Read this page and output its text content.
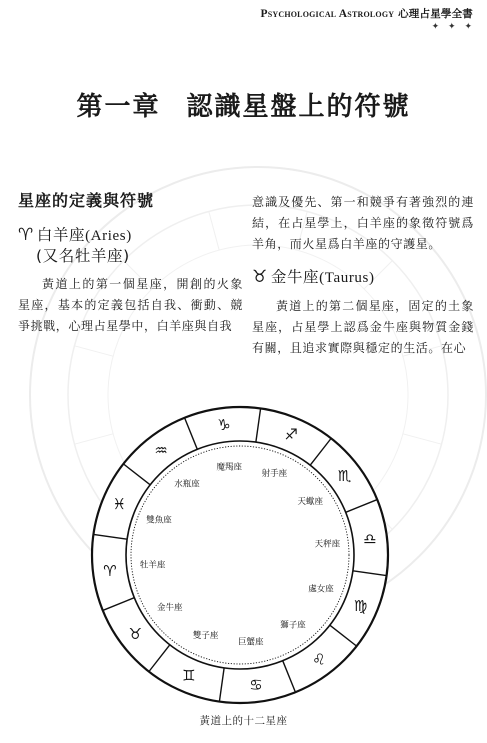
Psychological Astrology 心理占星學全書
✦ ✦ ✦
第一章 認識星盤上的符號
星座的定義與符號
♈ 白羊座(Aries)
(又名牡羊座)

黃道上的第一個星座，開創的火象星座，基本的定義包括自我、衝動、競爭挑戰，心理占星學中，白羊座與自我

意識及優先、第一和競爭有著強烈的連結，在占星學上，白羊座的象徵符號爲羊角，而火星爲白羊座的守護星。

♉ 金牛座(Taurus)

黃道上的第二個星座，固定的土象星座，占星學上認爲金牛座與物質金錢有關，且追求實際與穩定的生活。在心

♑
♐
♏
♎
♍
♌
♋
♊
♉
♈
♓
♒
魔羯座
射手座
天蠍座
天秤座
處女座
獅子座
巨蟹座
雙子座
金牛座
牡羊座
雙魚座
水瓶座
黃道上的十二星座
